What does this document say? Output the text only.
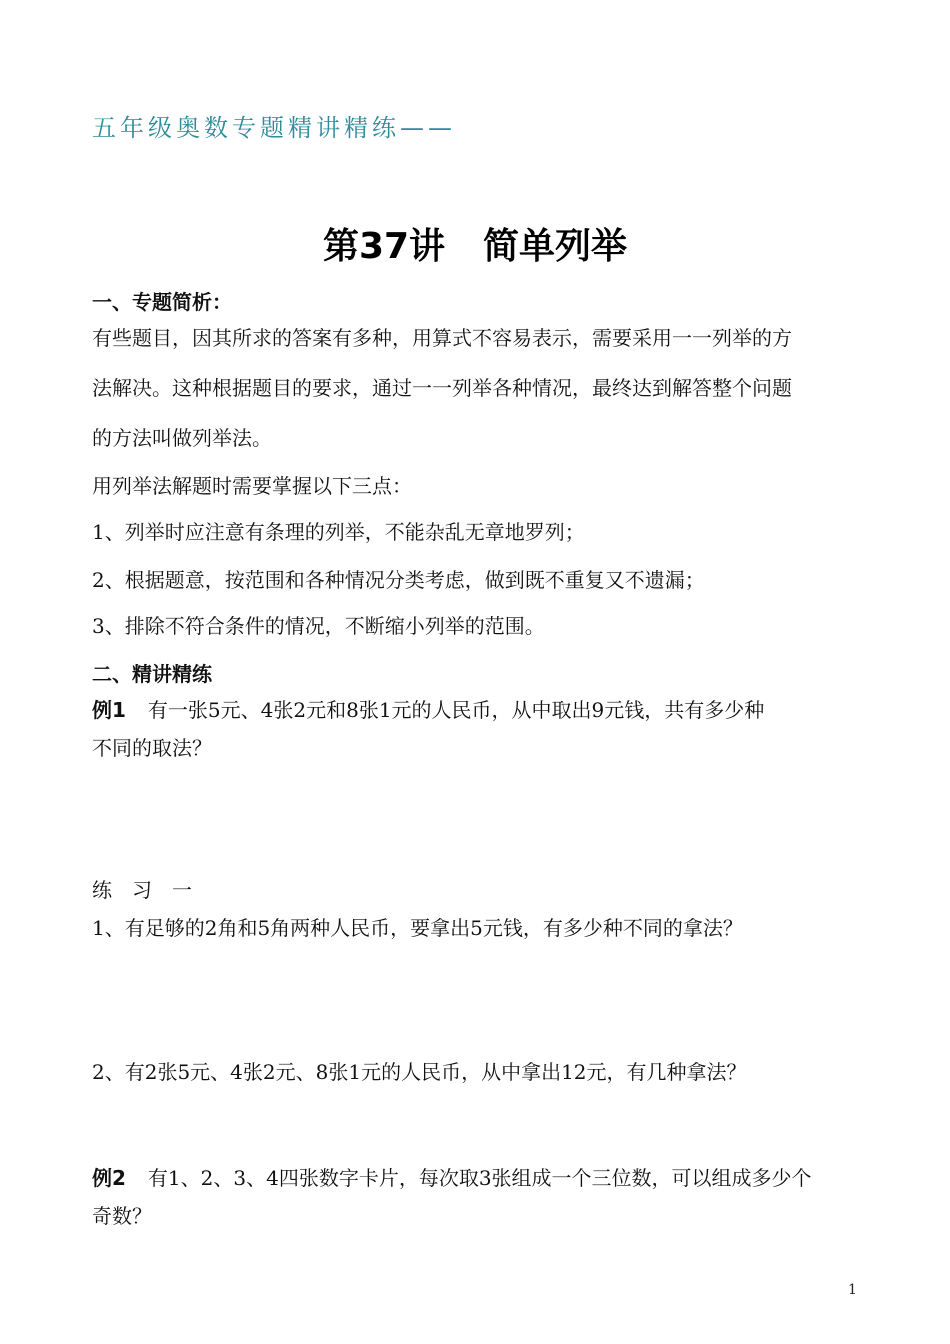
五年级奥数专题精讲精练——
第37讲 简单列举
一、专题简析：
有些题目，因其所求的答案有多种，用算式不容易表示，需要采用一一列举的方
法解决。这种根据题目的要求，通过一一列举各种情况，最终达到解答整个问题
的方法叫做列举法。
用列举法解题时需要掌握以下三点：
1、列举时应注意有条理的列举，不能杂乱无章地罗列；
2、根据题意，按范围和各种情况分类考虑，做到既不重复又不遗漏；
3、排除不符合条件的情况，不断缩小列举的范围。
二、精讲精练
例1 有一张5元、4张2元和8张1元的人民币，从中取出9元钱，共有多少种
不同的取法？
练　习　一
1、有足够的2角和5角两种人民币，要拿出5元钱，有多少种不同的拿法？
2、有2张5元、4张2元、8张1元的人民币，从中拿出12元，有几种拿法？
例2 有1、2、3、4四张数字卡片，每次取3张组成一个三位数，可以组成多少个
奇数？
1
